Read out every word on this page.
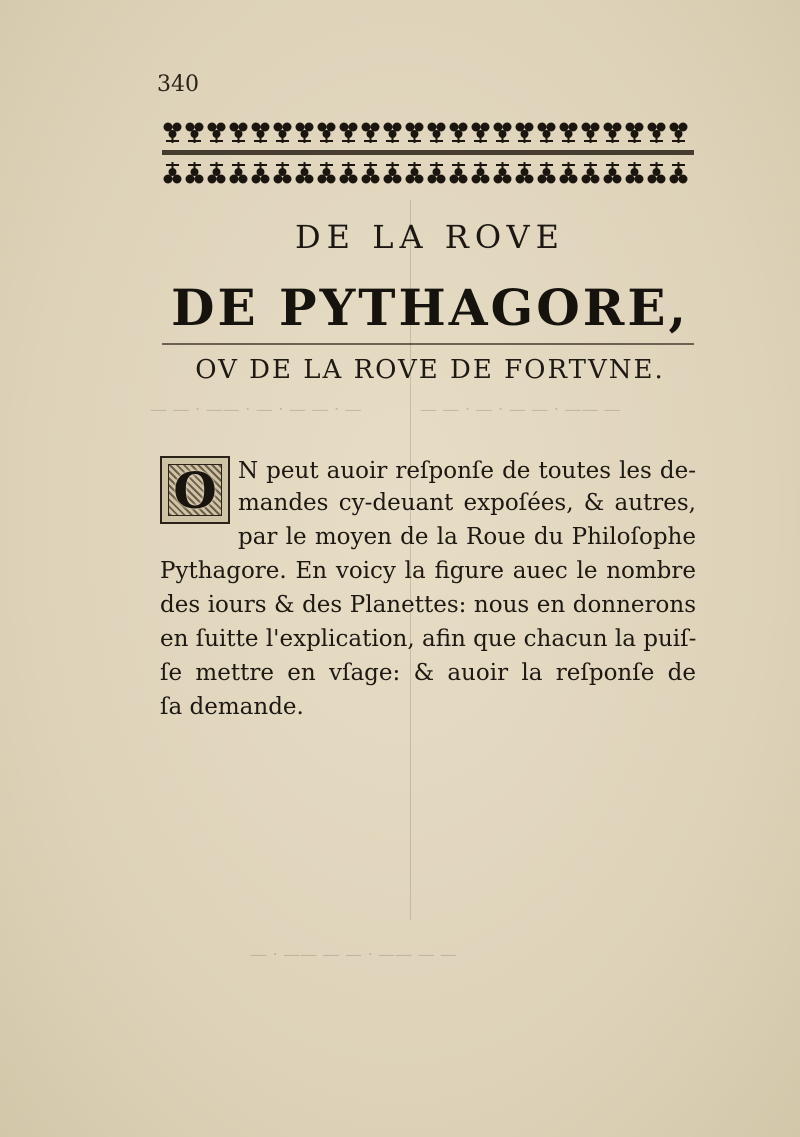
— · — — · — · —— · — —	— —— · — — · — · — —
— — —— · — — —— · —
340
DE LA ROVE
DE PYTHAGORE,
OV DE LA ROVE DE FORTVNE.
O N peut auoir reſponſe de toutes les de-
mandes cy-deuant expoſées, & autres,
par le moyen de la Roue du Philoſophe
Pythagore. En voicy la figure auec le nombre
des iours & des Planettes: nous en donnerons
en ſuitte l'explication, afin que chacun la puiſ-
ſe mettre en vſage: & auoir la reſponſe de
ſa demande.
